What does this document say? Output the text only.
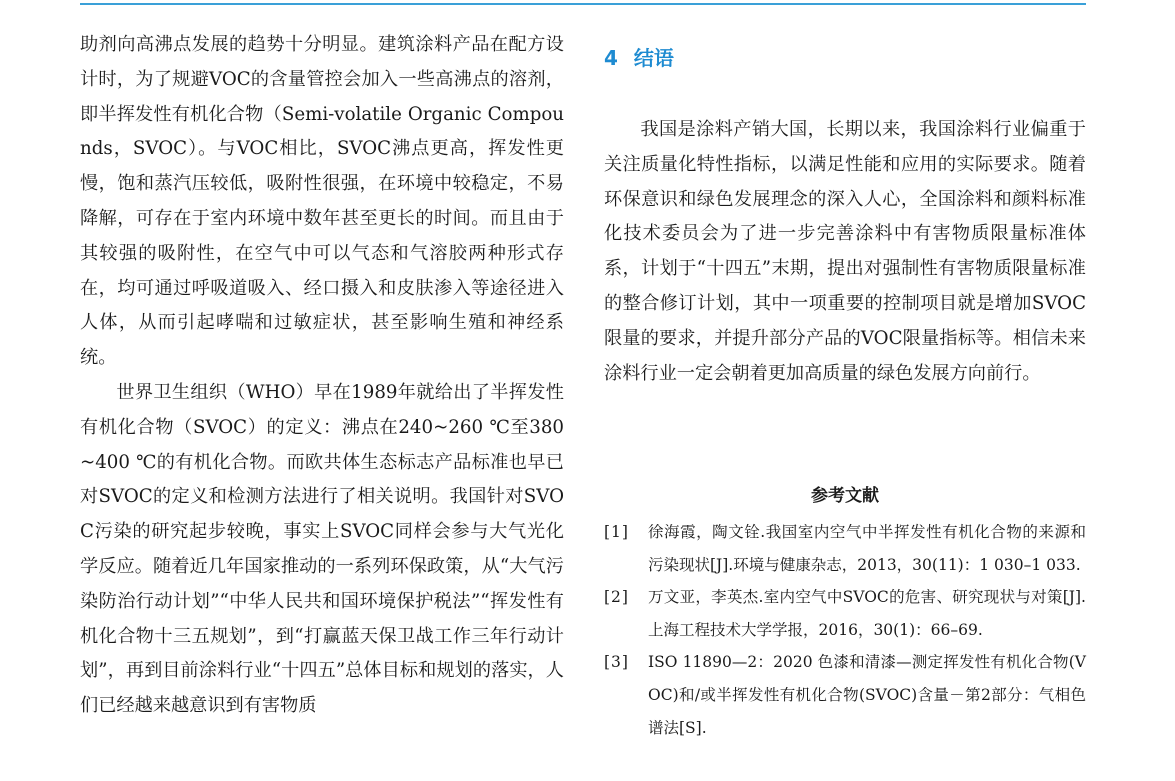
助剂向高沸点发展的趋势十分明显。建筑涂料产品在配方设计时，为了规避VOC的含量管控会加入一些高沸点的溶剂，即半挥发性有机化合物（Semi-volatile Organic Compounds，SVOC）。与VOC相比，SVOC沸点更高，挥发性更慢，饱和蒸汽压较低，吸附性很强，在环境中较稳定，不易降解，可存在于室内环境中数年甚至更长的时间。而且由于其较强的吸附性，在空气中可以气态和气溶胶两种形式存在，均可通过呼吸道吸入、经口摄入和皮肤渗入等途径进入人体，从而引起哮喘和过敏症状，甚至影响生殖和神经系统。

世界卫生组织（WHO）早在1989年就给出了半挥发性有机化合物（SVOC）的定义：沸点在240~260 ℃至380~400 ℃的有机化合物。而欧共体生态标志产品标准也早已对SVOC的定义和检测方法进行了相关说明。我国针对SVOC污染的研究起步较晚，事实上SVOC同样会参与大气光化学反应。随着近几年国家推动的一系列环保政策，从“大气污染防治行动计划”“中华人民共和国环境保护税法”“挥发性有机化合物十三五规划”，到“打赢蓝天保卫战工作三年行动计划”，再到目前涂料行业“十四五”总体目标和规划的落实，人们已经越来越意识到有害物质

4 结语

我国是涂料产销大国，长期以来，我国涂料行业偏重于关注质量化特性指标，以满足性能和应用的实际要求。随着环保意识和绿色发展理念的深入人心，全国涂料和颜料标准化技术委员会为了进一步完善涂料中有害物质限量标准体系，计划于“十四五”末期，提出对强制性有害物质限量标准的整合修订计划，其中一项重要的控制项目就是增加SVOC限量的要求，并提升部分产品的VOC限量指标等。相信未来涂料行业一定会朝着更加高质量的绿色发展方向前行。

参考文献
[1]	徐海霞，陶文铨.我国室内空气中半挥发性有机化合物的来源和污染现状[J].环境与健康杂志，2013，30(11)：1 030–1 033.
[2]	万文亚，李英杰.室内空气中SVOC的危害、研究现状与对策[J].上海工程技术大学学报，2016，30(1)：66–69.
[3]	ISO 11890—2：2020 色漆和清漆—测定挥发性有机化合物(VOC)和/或半挥发性有机化合物(SVOC)含量－第2部分：气相色谱法[S].
